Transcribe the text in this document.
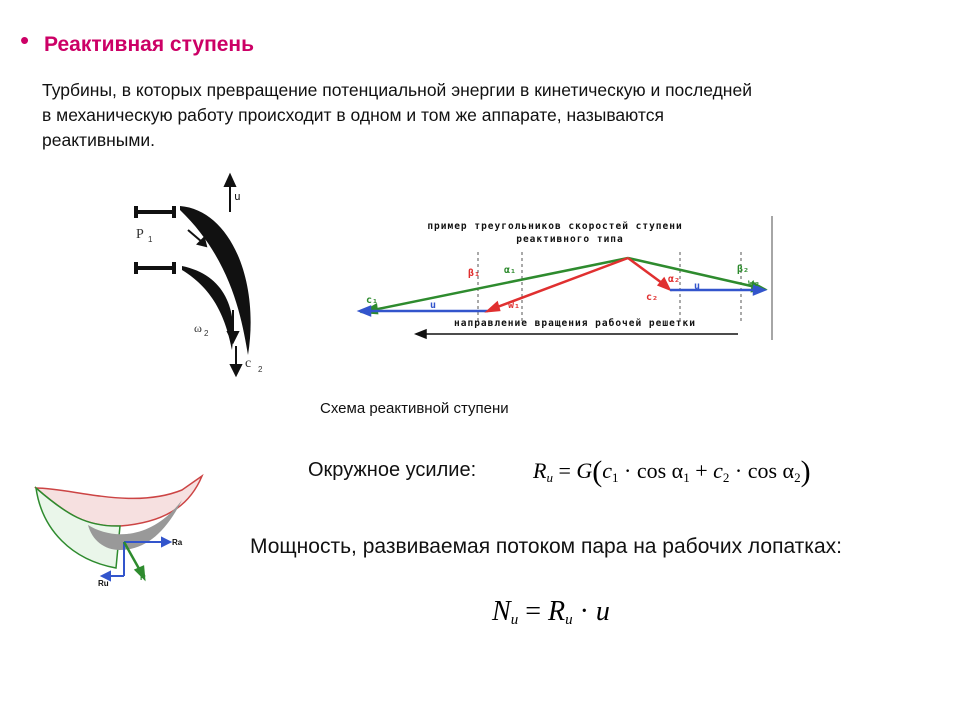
• Реактивная ступень
Турбины, в которых превращение потенциальной энергии в кинетическую и последней
в механическую работу происходит в одном и том же аппарате, называются
реактивными.
u
P 1
ω 2
c 2
пример треугольников скоростей ступени
реактивного типа
направление вращения рабочей решетки
c₁	u	w₁
β₁ α₁
c₂
α₂
u
β₂
w₂
Схема реактивной ступени
Ra
Ru
R
Окружное усилие:	$R_u = G(c_1 \cdot \cos \alpha_1 + c_2 \cdot \cos \alpha_2)$
Мощность, развиваемая потоком пара на рабочих лопатках:
$N_u = R_u \cdot u$
